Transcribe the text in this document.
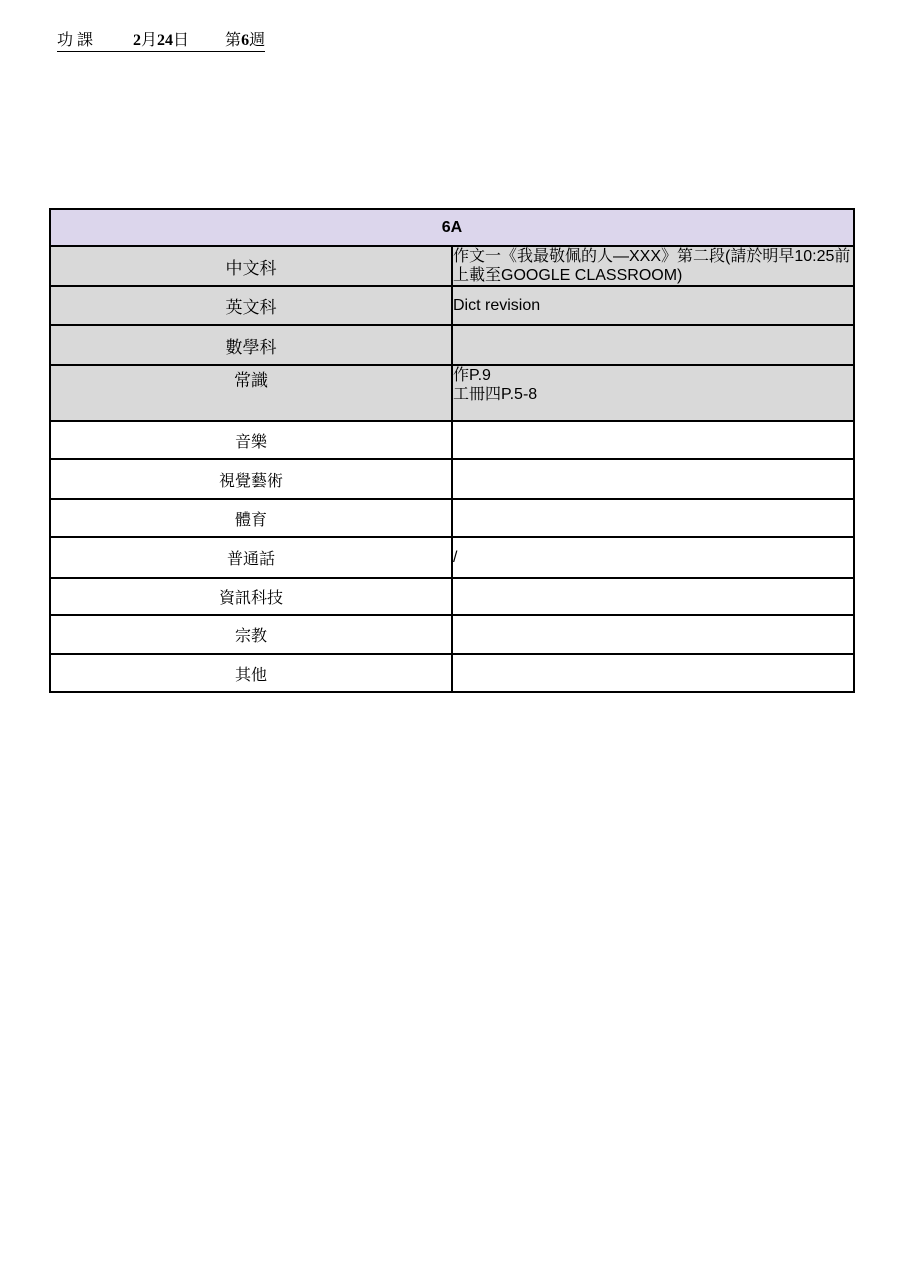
功 課	2月24日 第6週
6A	
中文科	作文一《我最敬佩的人—XXX》第二段(請於明早10:25前上載至GOOGLE CLASSROOM)

英文科	Dict revision

數學科	
常識	作P.9
工冊四P.5-8

音樂	
視覺藝術	
體育	
普通話	/

資訊科技	
宗教	
其他	
